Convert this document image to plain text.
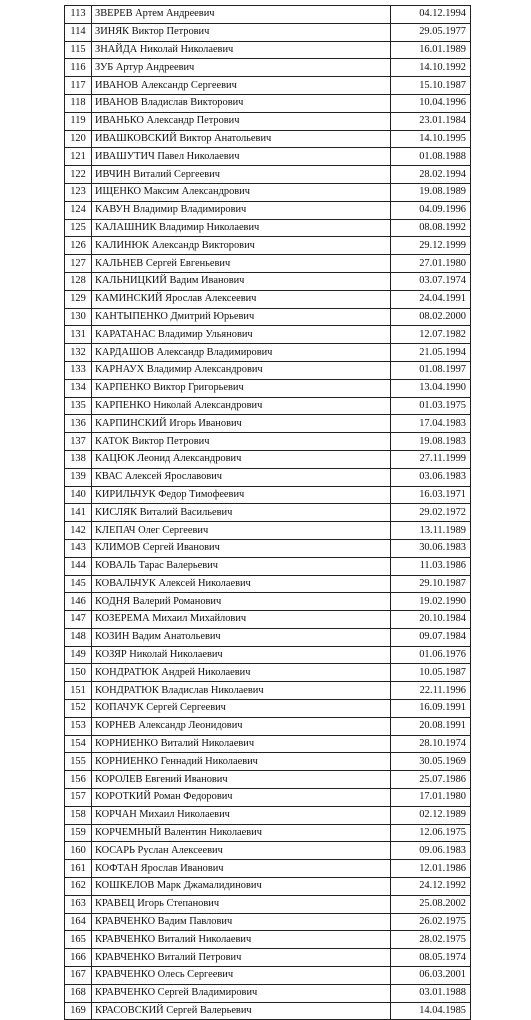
113	ЗВЕРЕВ Артем Андреевич	04.12.1994
114	ЗИНЯК Виктор Петрович	29.05.1977
115	ЗНАЙДА Николай Николаевич	16.01.1989
116	ЗУБ Артур Андреевич	14.10.1992
117	ИВАНОВ Александр Сергеевич	15.10.1987
118	ИВАНОВ Владислав Викторович	10.04.1996
119	ИВАНЬКО Александр Петрович	23.01.1984
120	ИВАШКОВСКИЙ Виктор Анатольевич	14.10.1995
121	ИВАШУТИЧ Павел Николаевич	01.08.1988
122	ИВЧИН Виталий Сергеевич	28.02.1994
123	ИЩЕНКО Максим Александрович	19.08.1989
124	КАВУН Владимир Владимирович	04.09.1996
125	КАЛАШНИК Владимир Николаевич	08.08.1992
126	КАЛИНЮК Александр Викторович	29.12.1999
127	КАЛЬНЕВ Сергей Евгеньевич	27.01.1980
128	КАЛЬНИЦКИЙ Вадим Иванович	03.07.1974
129	КАМИНСКИЙ Ярослав Алексеевич	24.04.1991
130	КАНТЫПЕНКО Дмитрий Юрьевич	08.02.2000
131	КАРАТАНАС Владимир Ульянович	12.07.1982
132	КАРДАШОВ Александр Владимирович	21.05.1994
133	КАРНАУХ Владимир Александрович	01.08.1997
134	КАРПЕНКО Виктор Григорьевич	13.04.1990
135	КАРПЕНКО Николай Александрович	01.03.1975
136	КАРПИНСКИЙ Игорь Иванович	17.04.1983
137	КАТОК Виктор Петрович	19.08.1983
138	КАЦЮК Леонид Александрович	27.11.1999
139	КВАС Алексей Ярославович	03.06.1983
140	КИРИЛЬЧУК Федор Тимофеевич	16.03.1971
141	КИСЛЯК Виталий Васильевич	29.02.1972
142	КЛЕПАЧ Олег Сергеевич	13.11.1989
143	КЛИМОВ Сергей Иванович	30.06.1983
144	КОВАЛЬ Тарас Валерьевич	11.03.1986
145	КОВАЛЬЧУК Алексей Николаевич	29.10.1987
146	КОДНЯ Валерий Романович	19.02.1990
147	КОЗЕРЕМА Михаил Михайлович	20.10.1984
148	КОЗИН Вадим Анатольевич	09.07.1984
149	КОЗЯР Николай Николаевич	01.06.1976
150	КОНДРАТЮК Андрей Николаевич	10.05.1987
151	КОНДРАТЮК Владислав Николаевич	22.11.1996
152	КОПАЧУК Сергей Сергеевич	16.09.1991
153	КОРНЕВ Александр Леонидович	20.08.1991
154	КОРНИЕНКО Виталий Николаевич	28.10.1974
155	КОРНИЕНКО Геннадий Николаевич	30.05.1969
156	КОРОЛЕВ Евгений Иванович	25.07.1986
157	КОРОТКИЙ Роман Федорович	17.01.1980
158	КОРЧАН Михаил Николаевич	02.12.1989
159	КОРЧЕМНЫЙ Валентин Николаевич	12.06.1975
160	КОСАРЬ Руслан Алексеевич	09.06.1983
161	КОФТАН Ярослав Иванович	12.01.1986
162	КОШКЕЛОВ Марк Джамалидинович	24.12.1992
163	КРАВЕЦ Игорь Степанович	25.08.2002
164	КРАВЧЕНКО Вадим Павлович	26.02.1975
165	КРАВЧЕНКО Виталий Николаевич	28.02.1975
166	КРАВЧЕНКО Виталий Петрович	08.05.1974
167	КРАВЧЕНКО Олесь Сергеевич	06.03.2001
168	КРАВЧЕНКО Сергей Владимирович	03.01.1988
169	КРАСОВСКИЙ Сергей Валерьевич	14.04.1985
